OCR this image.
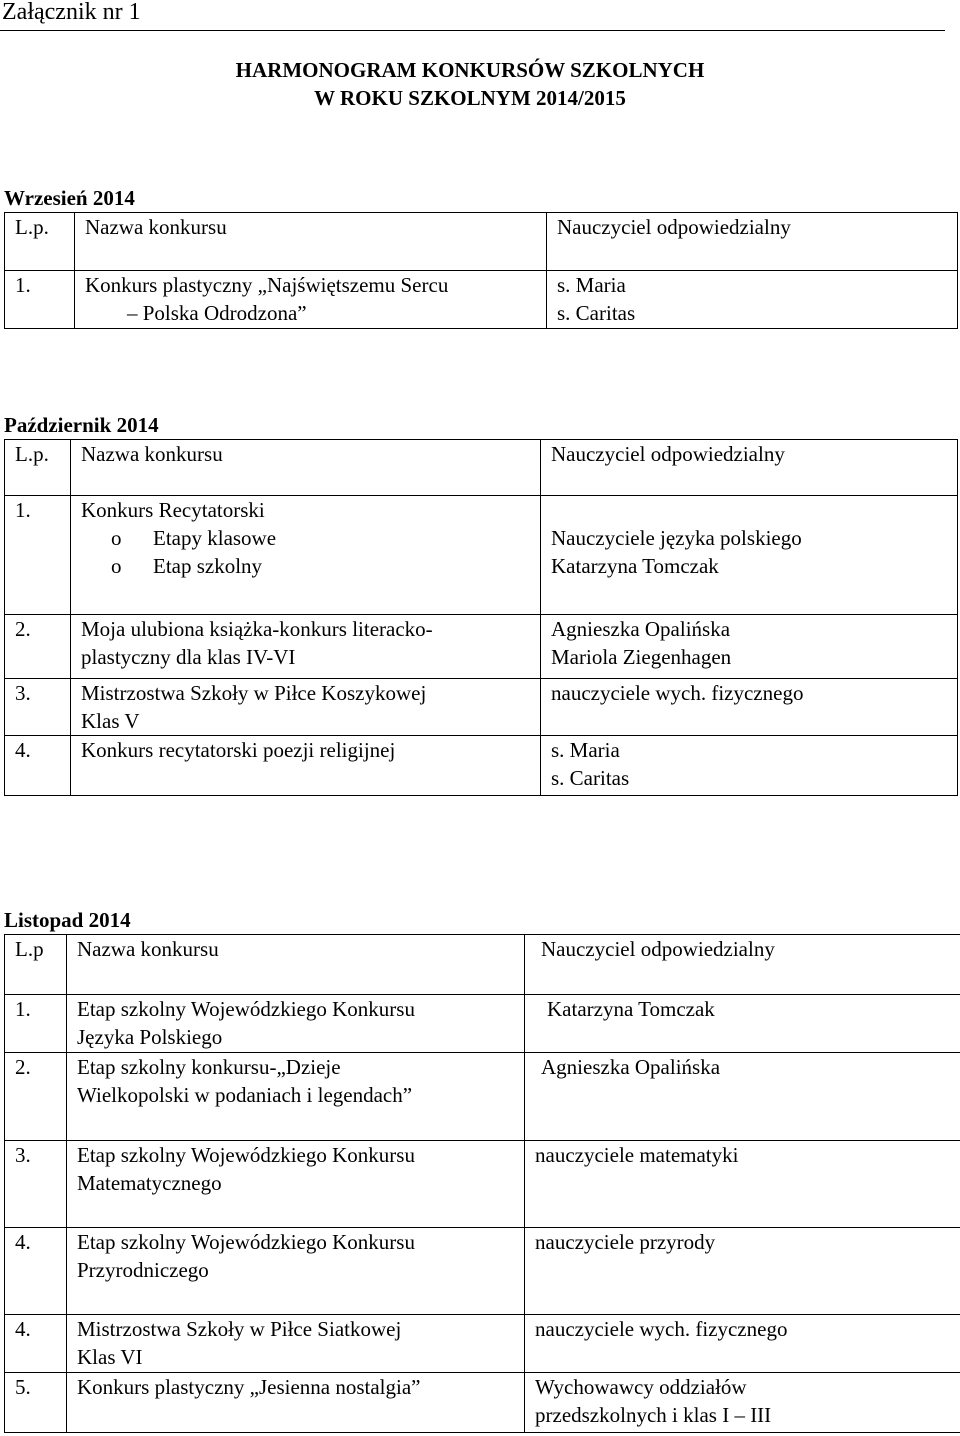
Załącznik nr 1
HARMONOGRAM KONKURSÓW SZKOLNYCH
W ROKU SZKOLNYM 2014/2015
Wrzesień 2014
L.p.	Nazwa konkursu	Nauczyciel odpowiedzialny
1.	Konkurs plastyczny „Najświętszemu Sercu
– Polska Odrodzona”	s. Maria
s. Caritas
Październik 2014
L.p.	Nazwa konkursu	Nauczyciel odpowiedzialny
1.	Konkurs Recytatorski
o Etapy klasowe
o Etap szkolny	Nauczyciele języka polskiego
Katarzyna Tomczak

2.	Moja ulubiona książka-konkurs literacko-
plastyczny dla klas IV-VI	Agnieszka Opalińska
Mariola Ziegenhagen

3.	Mistrzostwa Szkoły w Piłce Koszykowej
Klas V	nauczyciele wych. fizycznego

4.	Konkurs recytatorski poezji religijnej	s. Maria
s. Caritas
Listopad 2014
L.p	Nazwa konkursu	Nauczyciel odpowiedzialny
1.	Etap szkolny Wojewódzkiego Konkursu
Języka Polskiego	Katarzyna Tomczak

2.	Etap szkolny konkursu-„Dzieje
Wielkopolski w podaniach i legendach”	Agnieszka Opalińska

3.	Etap szkolny Wojewódzkiego Konkursu
Matematycznego	nauczyciele matematyki

4.	Etap szkolny Wojewódzkiego Konkursu
Przyrodniczego	nauczyciele przyrody

4.	Mistrzostwa Szkoły w Piłce Siatkowej
Klas VI	nauczyciele wych. fizycznego

5.	Konkurs plastyczny „Jesienna nostalgia”	Wychowawcy oddziałów
przedszkolnych i klas I – III
